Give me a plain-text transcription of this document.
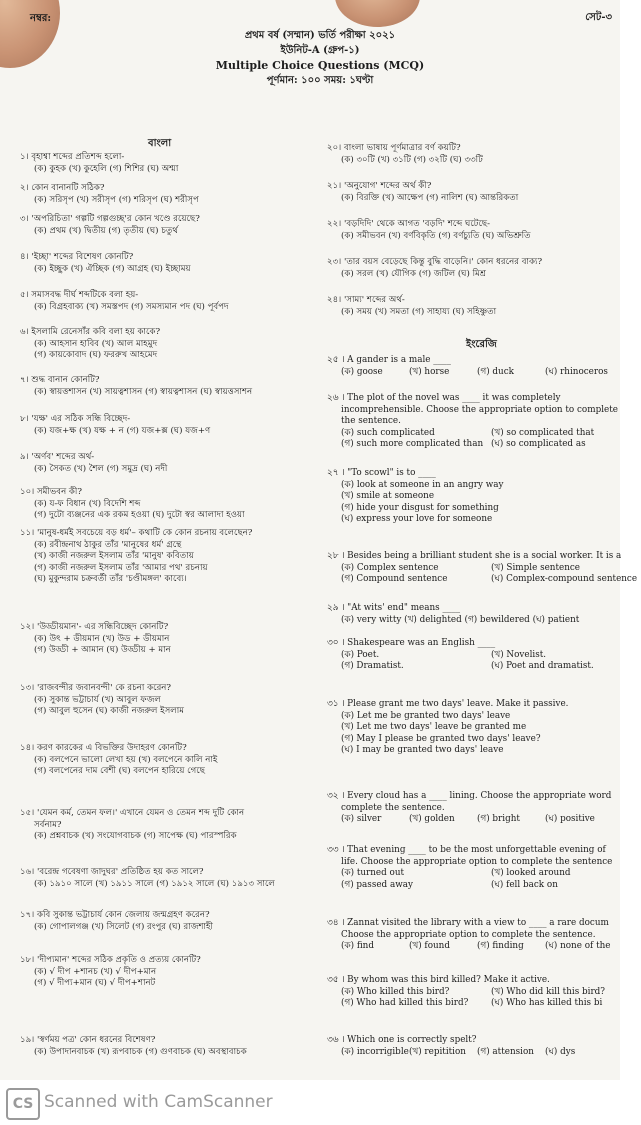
নম্বর:	সেট-৩
প্রথম বর্ষ (সম্মান) ভর্তি পরীক্ষা ২০২১
ইউনিট-A (গ্রুপ-১)
Multiple Choice Questions (MCQ)
পূর্ণমান: ১০০ সময়: ১ঘণ্টা
বাংলা
১। বৃহাশ্বা শব্দের প্রতিশব্দ হলো-
(ক) কুহক (খ) কুহেলি (গ) শিশির (ঘ) অশ্মা
২। কোন বানানটি সঠিক?
(ক) সরিসৃপ (খ) সরীসৃপ (গ) শরিসৃপ (ঘ) শরীসৃপ
৩। 'অপরিচিতা' গল্পটি গল্পগুচ্ছ'র কোন খণ্ডে রয়েছে?
(ক) প্রথম (খ) দ্বিতীয় (গ) তৃতীয় (ঘ) চতুর্থ
৪। 'ইচ্ছা' শব্দের বিশেষণ কোনটি?
(ক) ইচ্ছুক (খ) ঐচ্ছিক (গ) আগ্রহ (ঘ) ইচ্ছাময়
৫। সমাসবদ্ধ দীর্ঘ শব্দটিকে বলা হয়-
(ক) বিগ্রহবাক্য (খ) সমস্তপদ (গ) সমস্যমান পদ (ঘ) পূর্বপদ
৬। ইসলামি রেনেসাঁর কবি বলা হয় কাকে?
(ক) আহসান হাবিব (খ) আল মাহমুদ
(গ) কায়কোবাদ (ঘ) ফররুখ আহমেদ
৭। শুদ্ধ বানান কোনটি?
(ক) স্বায়ত্তশাসন (খ) সায়ত্বশাসন (গ) স্বায়ত্বশাসন (ঘ) স্বায়ত্তসাশন
৮। 'যক্ষ' এর সঠিক সন্ধি বিচ্ছেদ-
(ক) যজ+ক্ষ (খ) যক্ষ + ন (গ) যজ+ক্স (ঘ) যজ+ণ
৯। 'অর্ণব' শব্দের অর্থ-
(ক) সৈকত (খ) শৈল (গ) সমুদ্র (ঘ) নদী
১০। সমীভবন কী?
(ক) য-ফ বিধান (খ) বিদেশি শব্দ
(গ) দুটো ব্যঞ্জনের এক রকম হওয়া (ঘ) দুটো স্বর আলাদা হওয়া
১১। 'মানুষ-ধর্মই সবচেয়ে বড় ধর্ম'– কথাটি কে কোন রচনায় বলেছেন?
(ক) রবীন্দ্রনাথ ঠাকুর তাঁর 'মানুষের ধর্ম' গ্রন্থে
(খ) কাজী নজরুল ইসলাম তাঁর 'মানুষ' কবিতায়
(গ) কাজী নজরুল ইসলাম তাঁর 'আমার পথ' রচনায়
(ঘ) মুকুন্দরাম চক্রবর্তী তাঁর 'চণ্ডীমঙ্গল' কাব্যে।
১২। 'উড্ডীয়মান'- এর সন্ধিবিচ্ছেদ কোনটি?
(ক) উৎ + ডীয়মান (খ) উড + ডীয়মান
(গ) উড্ডী + আমান (ঘ) উড্ডীয় + মান
১৩। 'রাজবন্দীর জবানবন্দী' কে রচনা করেন?
(ক) সুকান্ত ভট্টাচার্য (খ) আবুল ফজল
(গ) আবুল হুসেন (ঘ) কাজী নজরুল ইসলাম
১৪। করণ কারকের এ বিভক্তির উদাহরণ কোনটি?
(ক) বলপেনে ভালো লেখা হয় (খ) বলপেনে কালি নাই
(গ) বলপেনের দাম বেশী (ঘ) বলপেন হারিয়ে গেছে
১৫। 'যেমন কর্ম, তেমন ফল।' এখানে যেমন ও তেমন শব্দ দুটি কোন
সর্বনাম?
(ক) প্রশ্নবাচক (খ) সংযোগবাচক (গ) সাপেক্ষ (ঘ) পারস্পরিক
১৬। 'বরেন্দ্র গবেষণা জাদুঘর' প্রতিষ্ঠিত হয় কত সালে?
(ক) ১৯১০ সালে (খ) ১৯১১ সালে (গ) ১৯১২ সালে (ঘ) ১৯১৩ সালে
১৭। কবি সুকান্ত ভট্টাচার্য কোন জেলায় জন্মগ্রহণ করেন?
(ক) গোপালগঞ্জ (খ) সিলেট (গ) রংপুর (ঘ) রাজশাহী
১৮। 'দীপ্যমান' শব্দের সঠিক প্রকৃতি ও প্রত্যয় কোনটি?
(ক) √ দীপ +শানচ (খ) √ দীপ+মান
(গ) √ দীপ্য+মান (ঘ) √ দীপ+শানট
১৯। 'স্বর্ণময় পত্র' কোন ধরনের বিশেষণ?
(ক) উপাদানবাচক (খ) রূপবাচক (গ) গুণবাচক (ঘ) অবস্থাবাচক
২০। বাংলা ভাষায় পূর্ণমাত্রার বর্ণ কয়টি?
(ক) ৩০টি (খ) ৩১টি (গ) ৩২টি (ঘ) ৩৩টি
২১। 'অনুযোগ' শব্দের অর্থ কী?
(ক) বিরক্তি (খ) আক্ষেপ (গ) নালিশ (ঘ) আন্তরিকতা
২২। 'বড়দিদি' থেকে আগত 'বড়দি' শব্দে ঘটেছে-
(ক) সমীভবন (খ) বর্ণবিকৃতি (গ) বর্ণচ্যুতি (ঘ) অভিশ্রুতি
২৩। 'তার বয়স বেড়েছে কিন্তু বুদ্ধি বাড়েনি।' কোন ধরনের বাক্য?
(ক) সরল (খ) যৌগিক (গ) জটিল (ঘ) মিশ্র
২৪। 'সাম্য' শব্দের অর্থ-
(ক) সময় (খ) সমতা (গ) সাহায্য (ঘ) সহিষ্ণুতা
ইংরেজি
২৫ । A gander is a male ____
(ক) goose	(খ) horse	(গ) duck	(ঘ) rhinoceros
২৬ । The plot of the novel was ____ it was completely
incomprehensible. Choose the appropriate option to complete
the sentence.
(ক) such complicated	(খ) so complicated that
(গ) such more complicated than (ঘ) so complicated as
২৭ । "To scowl" is to ____
(ক) look at someone in an angry way
(খ) smile at someone
(গ) hide your disgust for something
(ঘ) express your love for someone
২৮ । Besides being a brilliant student she is a social worker. It is a
(ক) Complex sentence	(খ) Simple sentence
(গ) Compound sentence	(ঘ) Complex-compound sentence
২৯ । "At wits' end" means ____
(ক) very witty (খ) delighted (গ) bewildered (ঘ) patient
৩০ । Shakespeare was an English ____
(ক) Poet.	(খ) Novelist.
(গ) Dramatist.	(ঘ) Poet and dramatist.
৩১ । Please grant me two days' leave. Make it passive.
(ক) Let me be granted two days' leave
(খ) Let me two days' leave be granted me
(গ) May I please be granted two days' leave?
(ঘ) I may be granted two days' leave
৩২ । Every cloud has a ____ lining. Choose the appropriate word
complete the sentence.
(ক) silver	(খ) golden	(গ) bright	(ঘ) positive
৩৩ । That evening ____ to be the most unforgettable evening of
life. Choose the appropriate option to complete the sentence
(ক) turned out	(খ) looked around
(গ) passed away	(ঘ) fell back on
৩৪ । Zannat visited the library with a view to ____ a rare docum
Choose the appropriate option to complete the sentence.
(ক) find	(খ) found	(গ) finding	(ঘ) none of the
৩৫ । By whom was this bird killed? Make it active.
(ক) Who killed this bird?	(খ) Who did kill this bird?
(গ) Who had killed this bird?	(ঘ) Who has killed this bi
৩৬ । Which one is correctly spelt?
(ক) incorrigible (খ) repitition	(গ) attension	(ঘ) dys
CS Scanned with CamScanner
